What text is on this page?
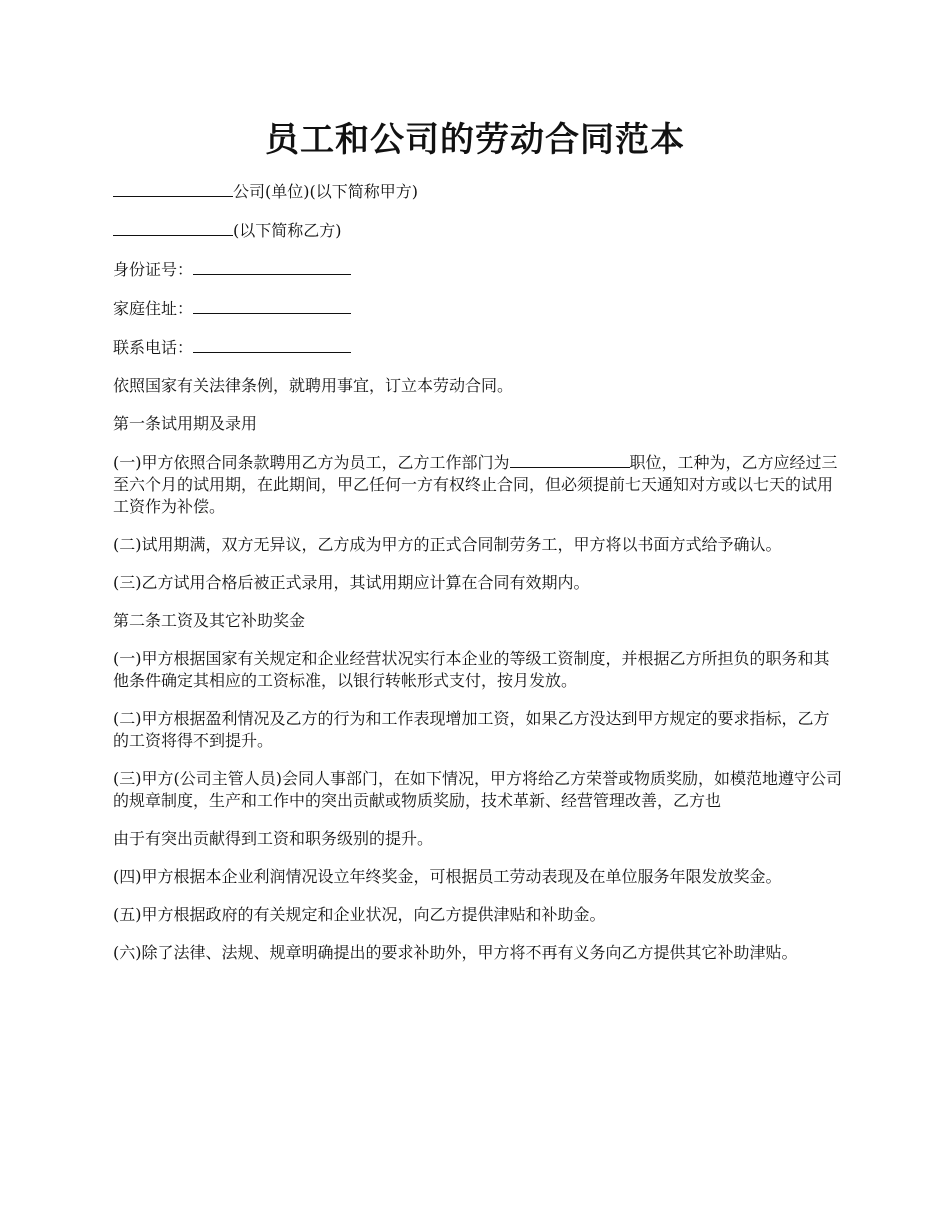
员工和公司的劳动合同范本

公司(单位)(以下简称甲方)

(以下简称乙方)

身份证号：

家庭住址：

联系电话：

依照国家有关法律条例，就聘用事宜，订立本劳动合同。

第一条试用期及录用

(一)甲方依照合同条款聘用乙方为员工，乙方工作部门为	职位，工种为，乙方应经过三至六个月的试用期，在此期间，甲乙任何一方有权终止合同，但必须提前七天通知对方或以七天的试用工资作为补偿。

(二)试用期满，双方无异议，乙方成为甲方的正式合同制劳务工，甲方将以书面方式给予确认。

(三)乙方试用合格后被正式录用，其试用期应计算在合同有效期内。

第二条工资及其它补助奖金

(一)甲方根据国家有关规定和企业经营状况实行本企业的等级工资制度，并根据乙方所担负的职务和其他条件确定其相应的工资标准，以银行转帐形式支付，按月发放。

(二)甲方根据盈利情况及乙方的行为和工作表现增加工资，如果乙方没达到甲方规定的要求指标，乙方的工资将得不到提升。

(三)甲方(公司主管人员)会同人事部门，在如下情况，甲方将给乙方荣誉或物质奖励，如模范地遵守公司的规章制度，生产和工作中的突出贡献或物质奖励，技术革新、经营管理改善，乙方也

由于有突出贡献得到工资和职务级别的提升。

(四)甲方根据本企业利润情况设立年终奖金，可根据员工劳动表现及在单位服务年限发放奖金。

(五)甲方根据政府的有关规定和企业状况，向乙方提供津贴和补助金。

(六)除了法律、法规、规章明确提出的要求补助外，甲方将不再有义务向乙方提供其它补助津贴。
